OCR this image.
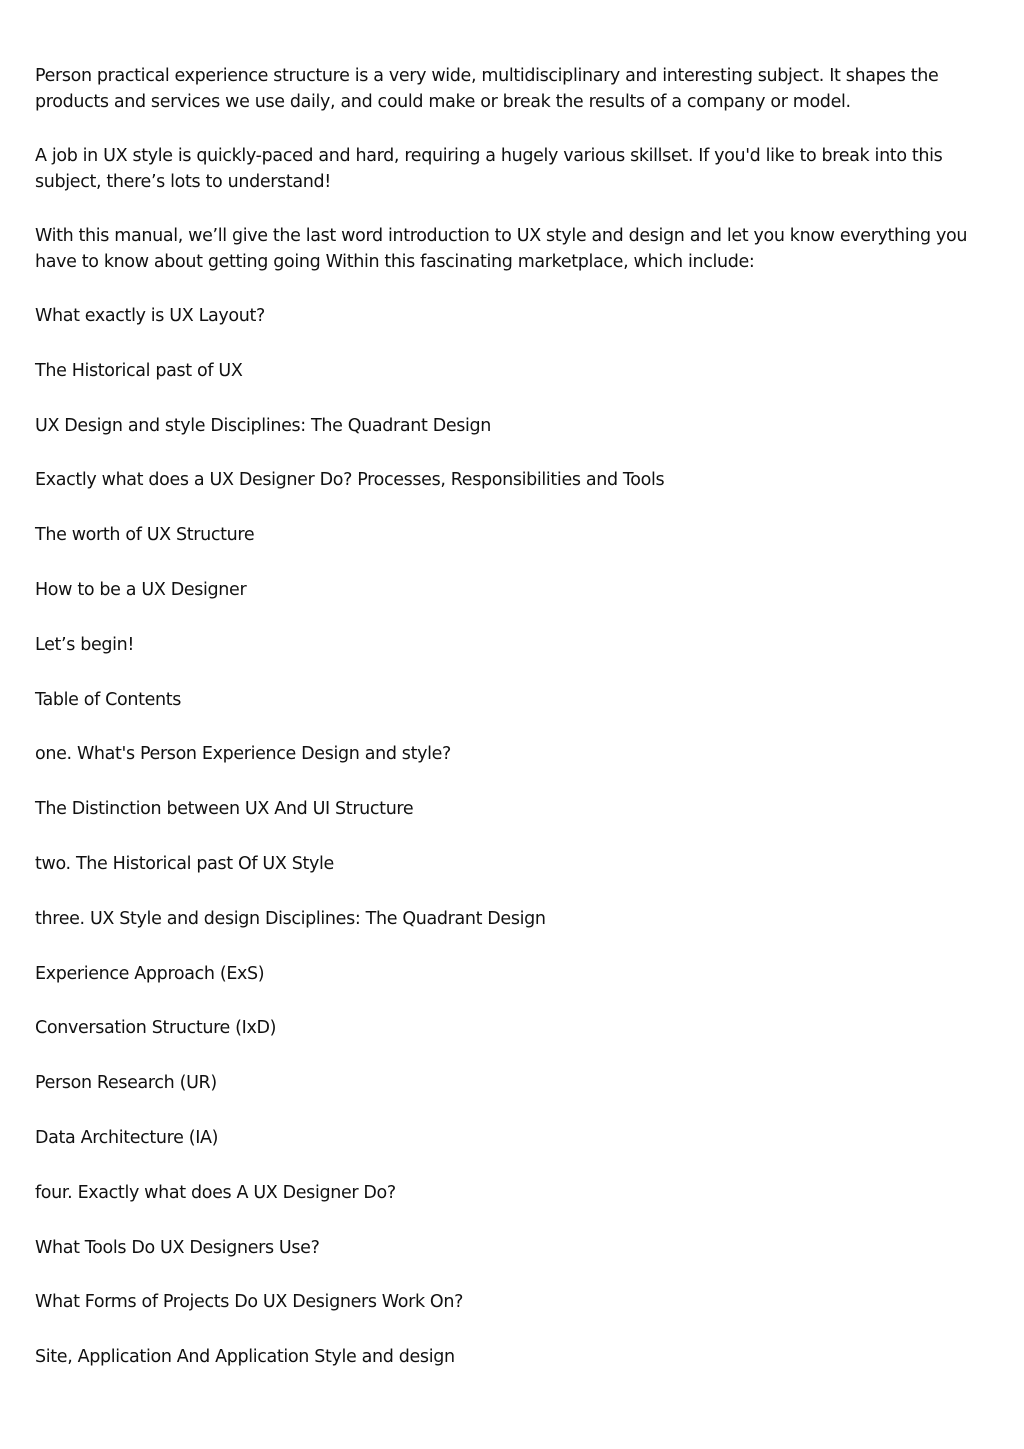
Person practical experience structure is a very wide, multidisciplinary and interesting subject. It shapes the products and services we use daily, and could make or break the results of a company or model.

A job in UX style is quickly-paced and hard, requiring a hugely various skillset. If you'd like to break into this subject, there’s lots to understand!

With this manual, we’ll give the last word introduction to UX style and design and let you know everything you have to know about getting going Within this fascinating marketplace, which include:

What exactly is UX Layout?

The Historical past of UX

UX Design and style Disciplines: The Quadrant Design

Exactly what does a UX Designer Do? Processes, Responsibilities and Tools

The worth of UX Structure

How to be a UX Designer

Let’s begin!

Table of Contents

one. What's Person Experience Design and style?

The Distinction between UX And UI Structure

two. The Historical past Of UX Style

three. UX Style and design Disciplines: The Quadrant Design

Experience Approach (ExS)

Conversation Structure (IxD)

Person Research (UR)

Data Architecture (IA)

four. Exactly what does A UX Designer Do?

What Tools Do UX Designers Use?

What Forms of Projects Do UX Designers Work On?

Site, Application And Application Style and design
